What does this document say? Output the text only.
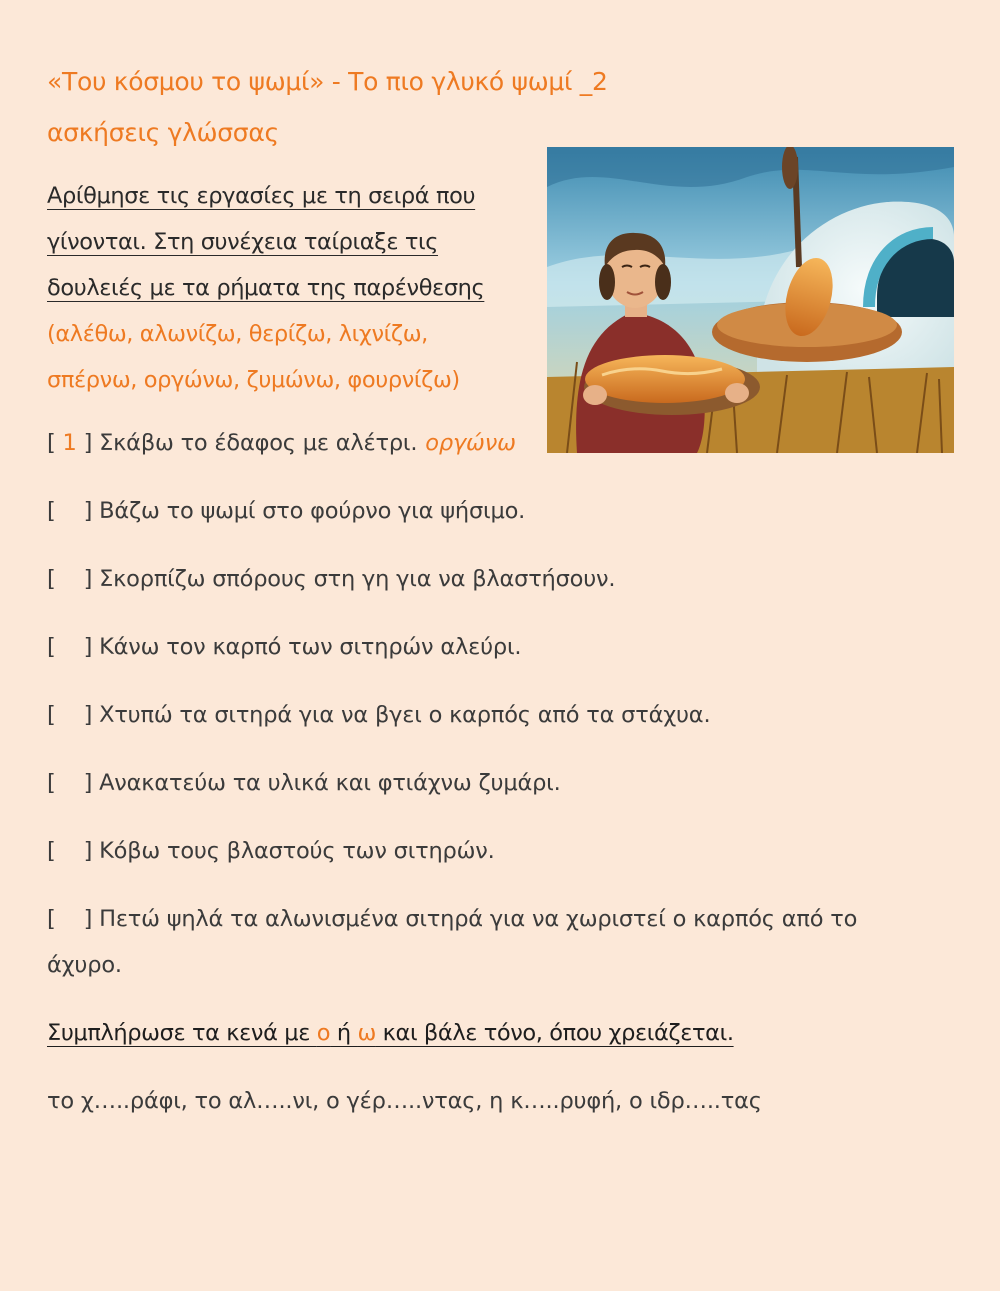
«Του κόσμου το ψωμί» - Το πιο γλυκό ψωμί _2
ασκήσεις γλώσσας
Αρίθμησε τις εργασίες με τη σειρά που
γίνονται. Στη συνέχεια ταίριαξε τις
δουλειές με τα ρήματα της παρένθεσης
(αλέθω, αλωνίζω, θερίζω, λιχνίζω,
σπέρνω, οργώνω, ζυμώνω, φουρνίζω)
[ 1 ] Σκάβω το έδαφος με αλέτρι. οργώνω
[ ] Βάζω το ψωμί στο φούρνο για ψήσιμο.
[ ] Σκορπίζω σπόρους στη γη για να βλαστήσουν.
[ ] Κάνω τον καρπό των σιτηρών αλεύρι.
[ ] Χτυπώ τα σιτηρά για να βγει ο καρπός από τα στάχυα.
[ ] Ανακατεύω τα υλικά και φτιάχνω ζυμάρι.
[ ] Κόβω τους βλαστούς των σιτηρών.
[ ] Πετώ ψηλά τα αλωνισμένα σιτηρά για να χωριστεί ο καρπός από το άχυρο.
Συμπλήρωσε τα κενά με ο ή ω και βάλε τόνο, όπου χρειάζεται.
το χ…..ράφι, το αλ…..νι, ο γέρ…..ντας, η κ…..ρυφή, ο ιδρ…..τας
